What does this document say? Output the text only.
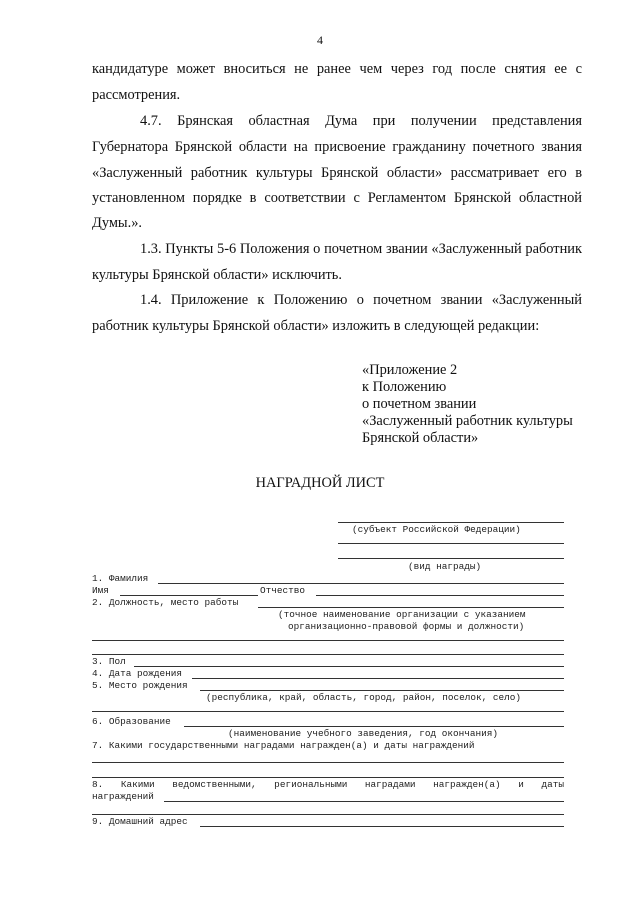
4
кандидатуре может вноситься не ранее чем через год после снятия ее с
рассмотрения.
4.7. Брянская областная Дума при получении представления
Губернатора Брянской области на присвоение гражданину почетного звания
«Заслуженный работник культуры Брянской области» рассматривает его в
установленном порядке в соответствии с Регламентом Брянской областной
Думы.».
1.3. Пункты 5-6 Положения о почетном звании «Заслуженный работник
культуры Брянской области» исключить.
1.4. Приложение к Положению о почетном звании «Заслуженный
работник культуры Брянской области» изложить в следующей редакции:
«Приложение 2
к Положению
о почетном звании
«Заслуженный работник культуры
Брянской области»
НАГРАДНОЙ ЛИСТ
(субъект Российской Федерации)
(вид награды)
1. Фамилия
Имя	Отчество
2. Должность, место работы
(точное наименование организации с указанием
организационно-правовой формы и должности)
3. Пол
4. Дата рождения
5. Место рождения
(республика, край, область, город, район, поселок, село)
6. Образование
(наименование учебного заведения, год окончания)
7. Какими государственными наградами награжден(а) и даты награждений
8. Какими ведомственными, региональными наградами награжден(а) и даты
награждений
9. Домашний адрес
